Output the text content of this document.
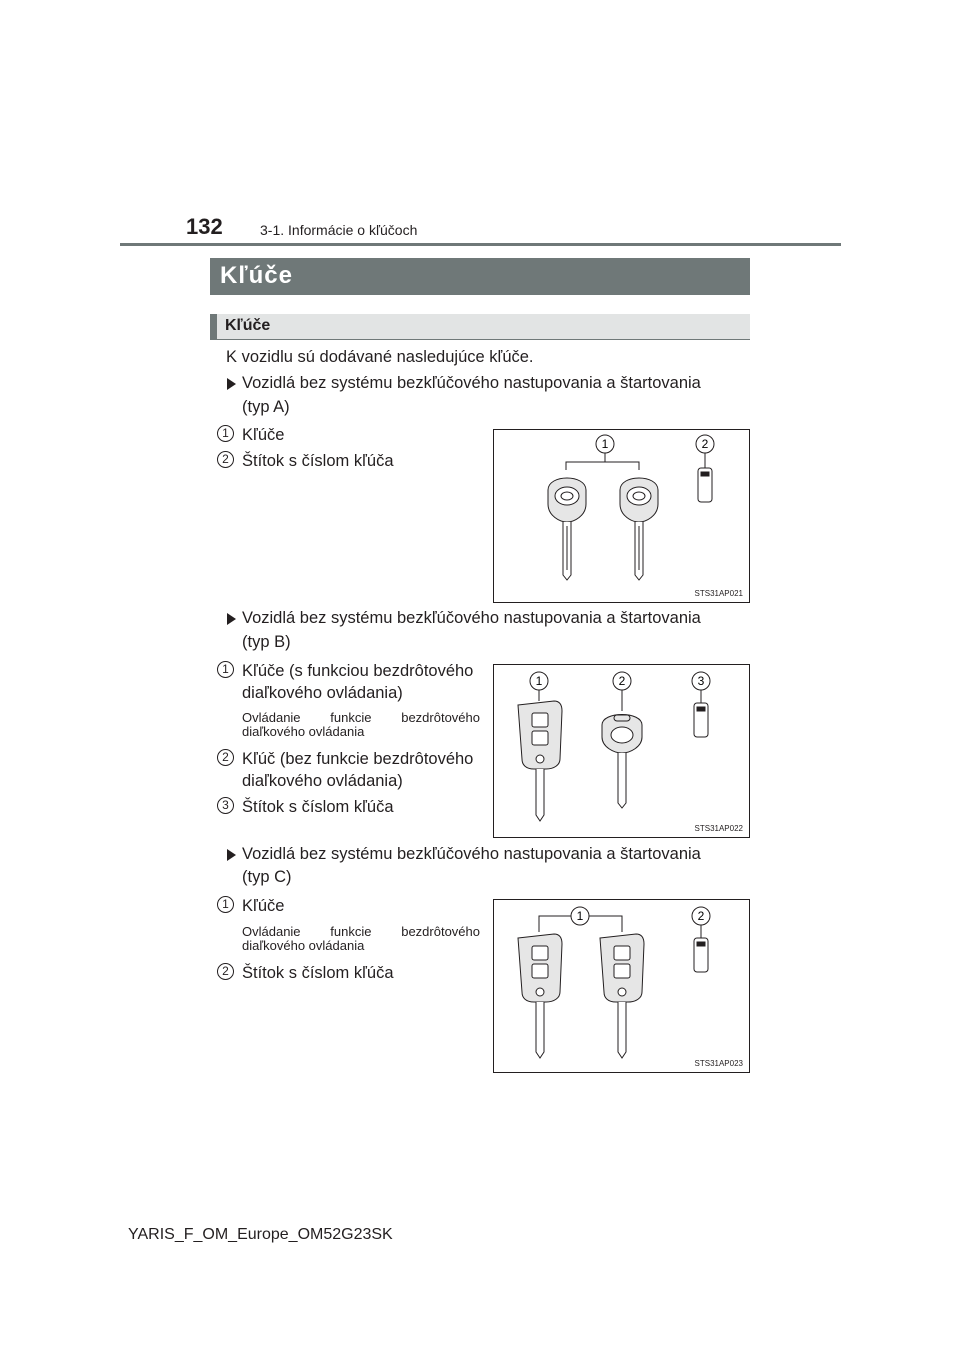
132	3-1. Informácie o kľúčoch
Kľúče
Kľúče
K vozidlu sú dodávané nasledujúce kľúče.
Vozidlá bez systému bezkľúčového nastupovania a štartovania
(typ A)
1 Kľúče
2 Štítok s číslom kľúča
1	2
STS31AP021
Vozidlá bez systému bezkľúčového nastupovania a štartovania
(typ B)
1 Kľúče (s funkciou bezdrôtového
diaľkového ovládania)
Ovládanie funkcie bezdrôtového diaľkového ovládania
2 Kľúč (bez funkcie bezdrôtového
diaľkového ovládania)
3 Štítok s číslom kľúča
1	2	3
STS31AP022
Vozidlá bez systému bezkľúčového nastupovania a štartovania
(typ C)
1 Kľúče
Ovládanie funkcie bezdrôtového diaľkového ovládania
2 Štítok s číslom kľúča
1	2
STS31AP023
YARIS_F_OM_Europe_OM52G23SK
